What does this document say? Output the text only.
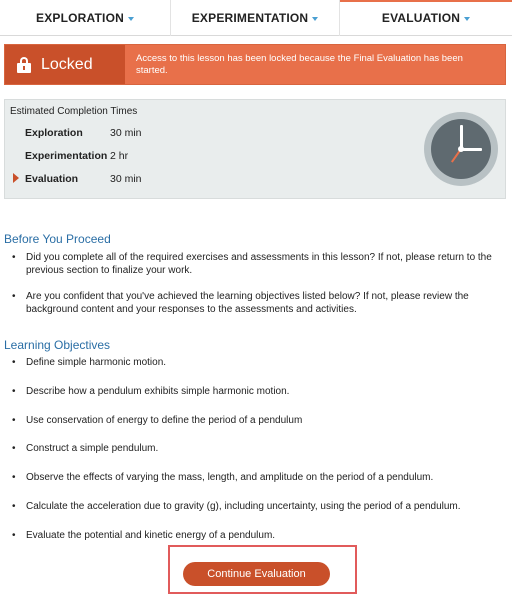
EXPLORATION	EXPERIMENTATION	EVALUATION
Locked	Access to this lesson has been locked because the Final Evaluation has been started.
Estimated Completion Times
Exploration	30 min
Experimentation 2 hr
Evaluation	30 min
Before You Proceed
• Did you complete all of the required exercises and assessments in this lesson? If not, please return to the previous section to finalize your work.
• Are you confident that you've achieved the learning objectives listed below? If not, please review the background content and your responses to the assessments and activities.
Learning Objectives
• Define simple harmonic motion.
• Describe how a pendulum exhibits simple harmonic motion.
• Use conservation of energy to define the period of a pendulum
• Construct a simple pendulum.
• Observe the effects of varying the mass, length, and amplitude on the period of a pendulum.
• Calculate the acceleration due to gravity (g), including uncertainty, using the period of a pendulum.
• Evaluate the potential and kinetic energy of a pendulum.
Continue Evaluation
